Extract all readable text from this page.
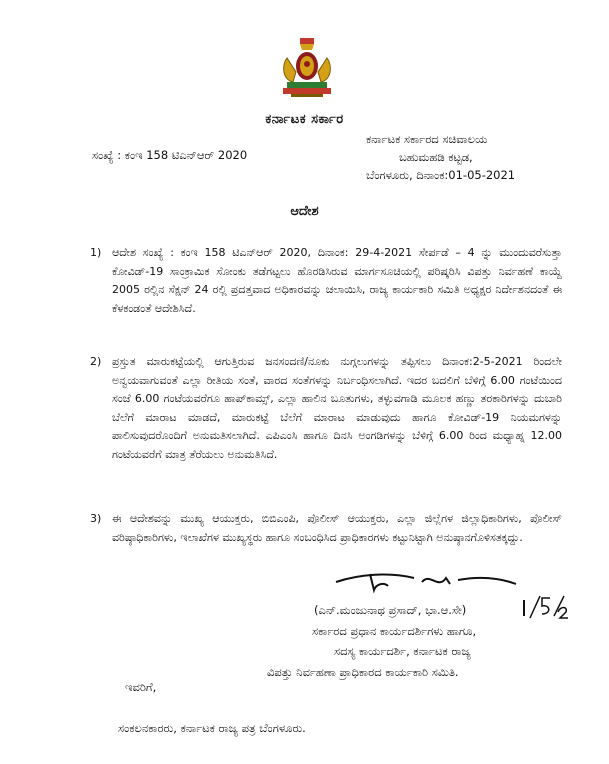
ಕರ್ನಾಟಕ ಸರ್ಕಾರ
ಸಂಖ್ಯೆ : ಕಂಇ 158 ಟಿಎನ್‌ಆರ್ 2020
ಕರ್ನಾಟಕ ಸರ್ಕಾರದ ಸಚಿವಾಲಯ
ಬಹುಮಹಡಿ ಕಟ್ಟಡ,
ಬೆಂಗಳೂರು, ದಿನಾಂಕ:01-05-2021
ಆದೇಶ
1) ಆದೇಶ ಸಂಖ್ಯೆ : ಕಂಇ 158 ಟಿಎನ್‌ಆರ್ 2020, ದಿನಾಂಕ: 29-4-2021 ಸೇರ್ಪಡೆ – 4 ನ್ನು ಮುಂದುವರೆಸುತ್ತಾ ಕೋವಿಡ್-19 ಸಾಂಕ್ರಾಮಿಕ ಸೋಂಕು ತಡೆಗಟ್ಟಲು ಹೊರಡಿಸಿರುವ ಮಾರ್ಗಸೂಚಿಯಲ್ಲಿ ಪರಿಷ್ಕರಿಸಿ ವಿಪತ್ತು ನಿರ್ವಹಣೆ ಕಾಯ್ದೆ 2005 ರಲ್ಲಿನ ಸೆಕ್ಷನ್ 24 ರಲ್ಲಿ ಪ್ರದತ್ತವಾದ ಅಧಿಕಾರವನ್ನು ಚಲಾಯಿಸಿ, ರಾಜ್ಯ ಕಾರ್ಯಕಾರಿ ಸಮಿತಿ ಅಧ್ಯಕ್ಷರ ನಿರ್ದೇಶನದಂತೆ ಈ ಕೆಳಕಂಡಂತೆ ಆದೇಶಿಸಿದೆ.
2) ಪ್ರಸ್ತುತ ಮಾರುಕಟ್ಟೆಯಲ್ಲಿ ಆಗುತ್ತಿರುವ ಜನಸಂದಣಿ/ನೂಕು ನುಗ್ಗಲುಗಳನ್ನು ತಪ್ಪಿಸಲು ದಿನಾಂಕ:2-5-2021 ರಿಂದಲೇ ಅನ್ವಯವಾಗುವಂತೆ ಎಲ್ಲಾ ರೀತಿಯ ಸಂತೆ, ವಾರದ ಸಂತೆಗಳನ್ನು ನಿರ್ಬಂಧಿಸಲಾಗಿದೆ. ಇದರ ಬದಲಿಗೆ ಬೆಳಿಗ್ಗೆ 6.00 ಗಂಟೆಯಿಂದ ಸಂಜೆ 6.00 ಗಂಟೆಯವರೆಗೂ ಹಾಪ್‌ಕಾಮ್ಸ್, ಎಲ್ಲಾ ಹಾಲಿನ ಬೂತುಗಳು, ತಳ್ಳುವಗಾಡಿ ಮೂಲಕ ಹಣ್ಣು ತರಕಾರಿಗಳನ್ನು ದುಬಾರಿ ಬೆಲೆಗೆ ಮಾರಾಟ ಮಾಡದೆ, ಮಾರುಕಟ್ಟೆ ಬೆಲೆಗೆ ಮಾರಾಟ ಮಾಡುವುದು ಹಾಗೂ ಕೋವಿಡ್-19 ನಿಯಮಗಳನ್ನು ಪಾಲಿಸುವುದರೊಂದಿಗೆ ಅನುಮತಿಸಲಾಗಿದೆ. ಎಪಿಎಂಸಿ ಹಾಗೂ ದಿನಸಿ ಅಂಗಡಿಗಳನ್ನು ಬೆಳಿಗ್ಗೆ 6.00 ರಿಂದ ಮಧ್ಯಾಹ್ನ 12.00 ಗಂಟೆಯವರೆಗೆ ಮಾತ್ರ ತೆರೆಯಲು ಅನುಮತಿಸಿದೆ.
3) ಈ ಆದೇಶವನ್ನು ಮುಖ್ಯ ಆಯುಕ್ತರು, ಬಿಬಿಎಂಪಿ, ಪೊಲೀಸ್ ಆಯುಕ್ತರು, ಎಲ್ಲಾ ಜಿಲ್ಲೆಗಳ ಜಿಲ್ಲಾಧಿಕಾರಿಗಳು, ಪೊಲೀಸ್ ವರಿಷ್ಠಾಧಿಕಾರಿಗಳು, ಇಲಾಖೆಗಳ ಮುಖ್ಯಸ್ಥರು ಹಾಗೂ ಸಂಬಂಧಿಸಿದ ಪ್ರಾಧಿಕಾರಗಳು ಕಟ್ಟುನಿಟ್ಟಾಗಿ ಅನುಷ್ಠಾನಗೊಳಿಸತಕ್ಕದ್ದು.
(ಎನ್.ಮಂಜುನಾಥ ಪ್ರಸಾದ್, ಭಾ.ಆ.ಸೇ)
ಸರ್ಕಾರದ ಪ್ರಧಾನ ಕಾರ್ಯದರ್ಶಿಗಳು ಹಾಗೂ,
ಸದಸ್ಯ ಕಾರ್ಯದರ್ಶಿ, ಕರ್ನಾಟಕ ರಾಜ್ಯ
ವಿಪತ್ತು ನಿರ್ವಹಣಾ ಪ್ರಾಧಿಕಾರದ ಕಾರ್ಯಕಾರಿ ಸಮಿತಿ.
ಇವರಿಗೆ,
ಸಂಕಲನಕಾರರು, ಕರ್ನಾಟಕ ರಾಜ್ಯ ಪತ್ರ ಬೆಂಗಳೂರು.
